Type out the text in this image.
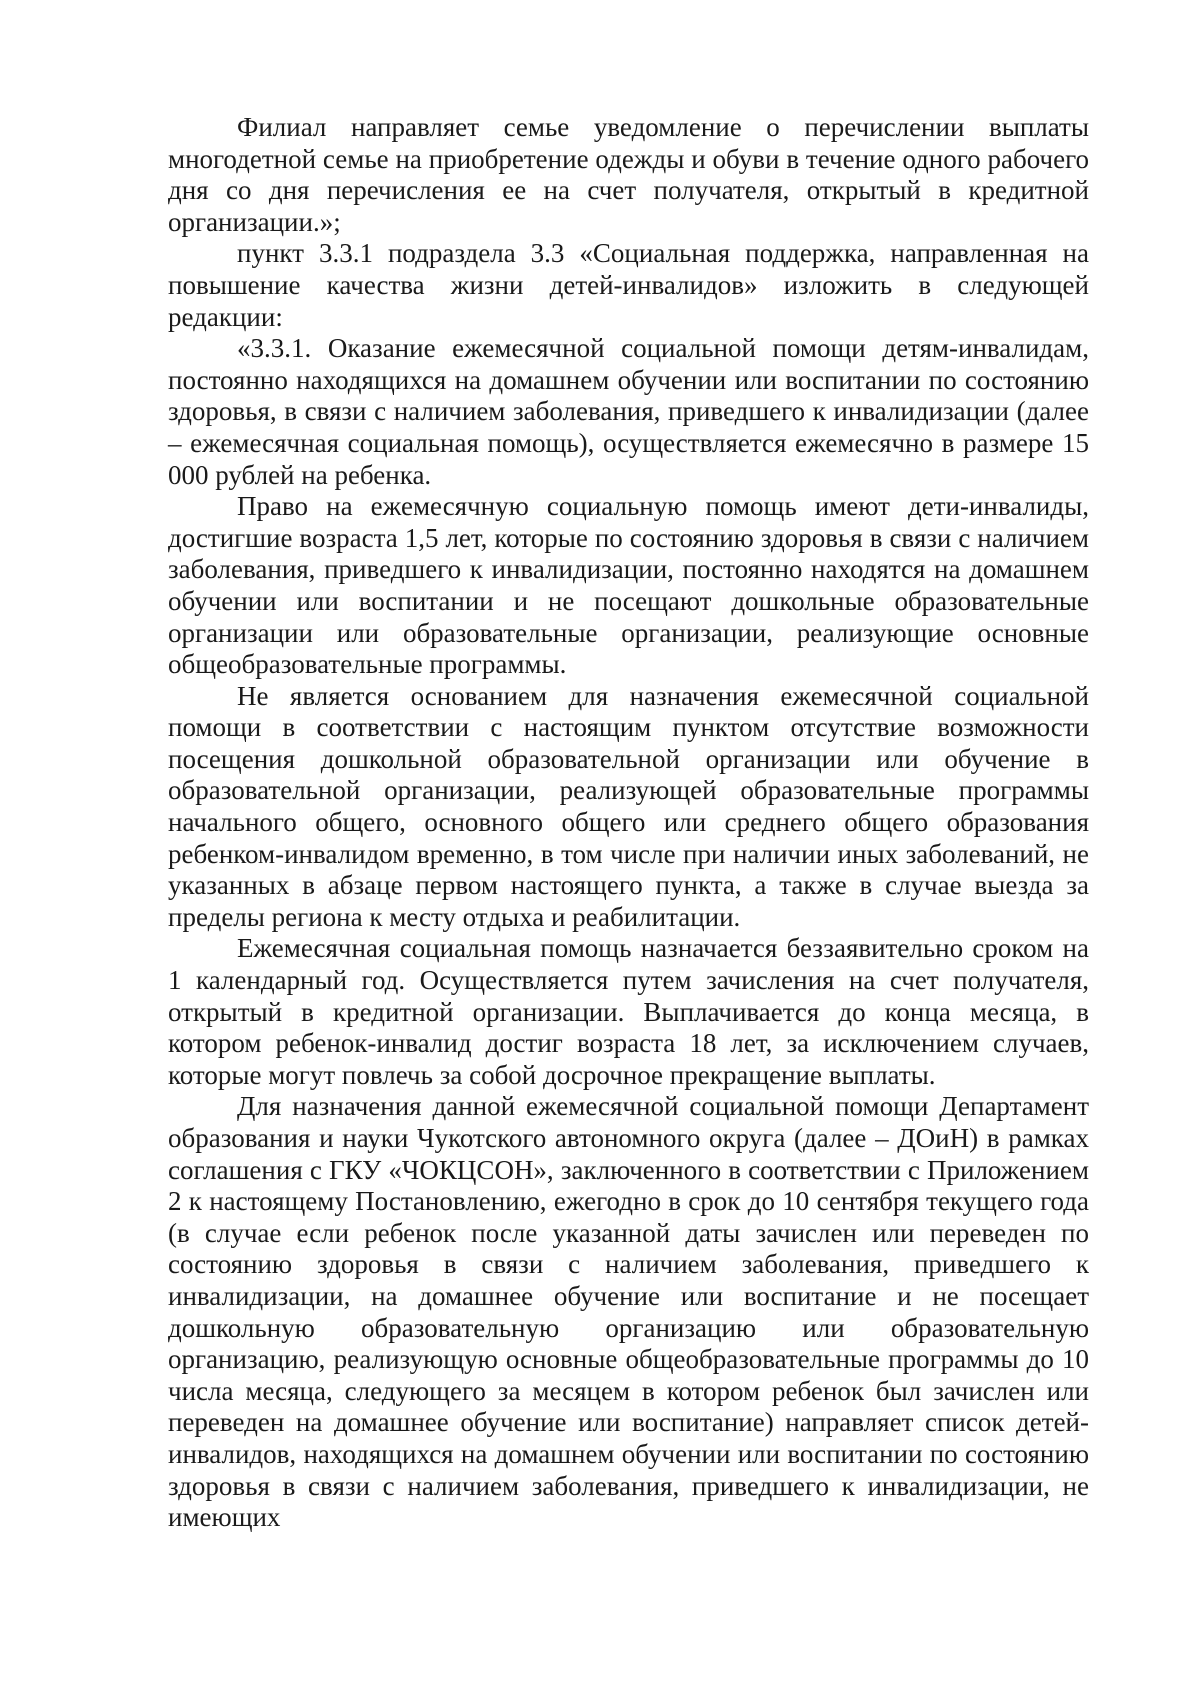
Филиал направляет семье уведомление о перечислении выплаты многодетной семье на приобретение одежды и обуви в течение одного рабочего дня со дня перечисления ее на счет получателя, открытый в кредитной организации.»;

пункт 3.3.1 подраздела 3.3 «Социальная поддержка, направленная на повышение качества жизни детей-инвалидов» изложить в следующей редакции:

«3.3.1. Оказание ежемесячной социальной помощи детям-инвалидам, постоянно находящихся на домашнем обучении или воспитании по состоянию здоровья, в связи с наличием заболевания, приведшего к инвалидизации (далее – ежемесячная социальная помощь), осуществляется ежемесячно в размере 15 000 рублей на ребенка.

Право на ежемесячную социальную помощь имеют дети-инвалиды, достигшие возраста 1,5 лет, которые по состоянию здоровья в связи с наличием заболевания, приведшего к инвалидизации, постоянно находятся на домашнем обучении или воспитании и не посещают дошкольные образовательные организации или образовательные организации, реализующие основные общеобразовательные программы.

Не является основанием для назначения ежемесячной социальной помощи в соответствии с настоящим пунктом отсутствие возможности посещения дошкольной образовательной организации или обучение в образовательной организации, реализующей образовательные программы начального общего, основного общего или среднего общего образования ребенком-инвалидом временно, в том числе при наличии иных заболеваний, не указанных в абзаце первом настоящего пункта, а также в случае выезда за пределы региона к месту отдыха и реабилитации.

Ежемесячная социальная помощь назначается беззаявительно сроком на 1 календарный год. Осуществляется путем зачисления на счет получателя, открытый в кредитной организации. Выплачивается до конца месяца, в котором ребенок-инвалид достиг возраста 18 лет, за исключением случаев, которые могут повлечь за собой досрочное прекращение выплаты.

Для назначения данной ежемесячной социальной помощи Департамент образования и науки Чукотского автономного округа (далее – ДОиН) в рамках соглашения с ГКУ «ЧОКЦСОН», заключенного в соответствии с Приложением 2 к настоящему Постановлению, ежегодно в срок до 10 сентября текущего года (в случае если ребенок после указанной даты зачислен или переведен по состоянию здоровья в связи с наличием заболевания, приведшего к инвалидизации, на домашнее обучение или воспитание и не посещает дошкольную образовательную организацию или образовательную организацию, реализующую основные общеобразовательные программы до 10 числа месяца, следующего за месяцем в котором ребенок был зачислен или переведен на домашнее обучение или воспитание) направляет список детей-инвалидов, находящихся на домашнем обучении или воспитании по состоянию здоровья в связи с наличием заболевания, приведшего к инвалидизации, не имеющих
